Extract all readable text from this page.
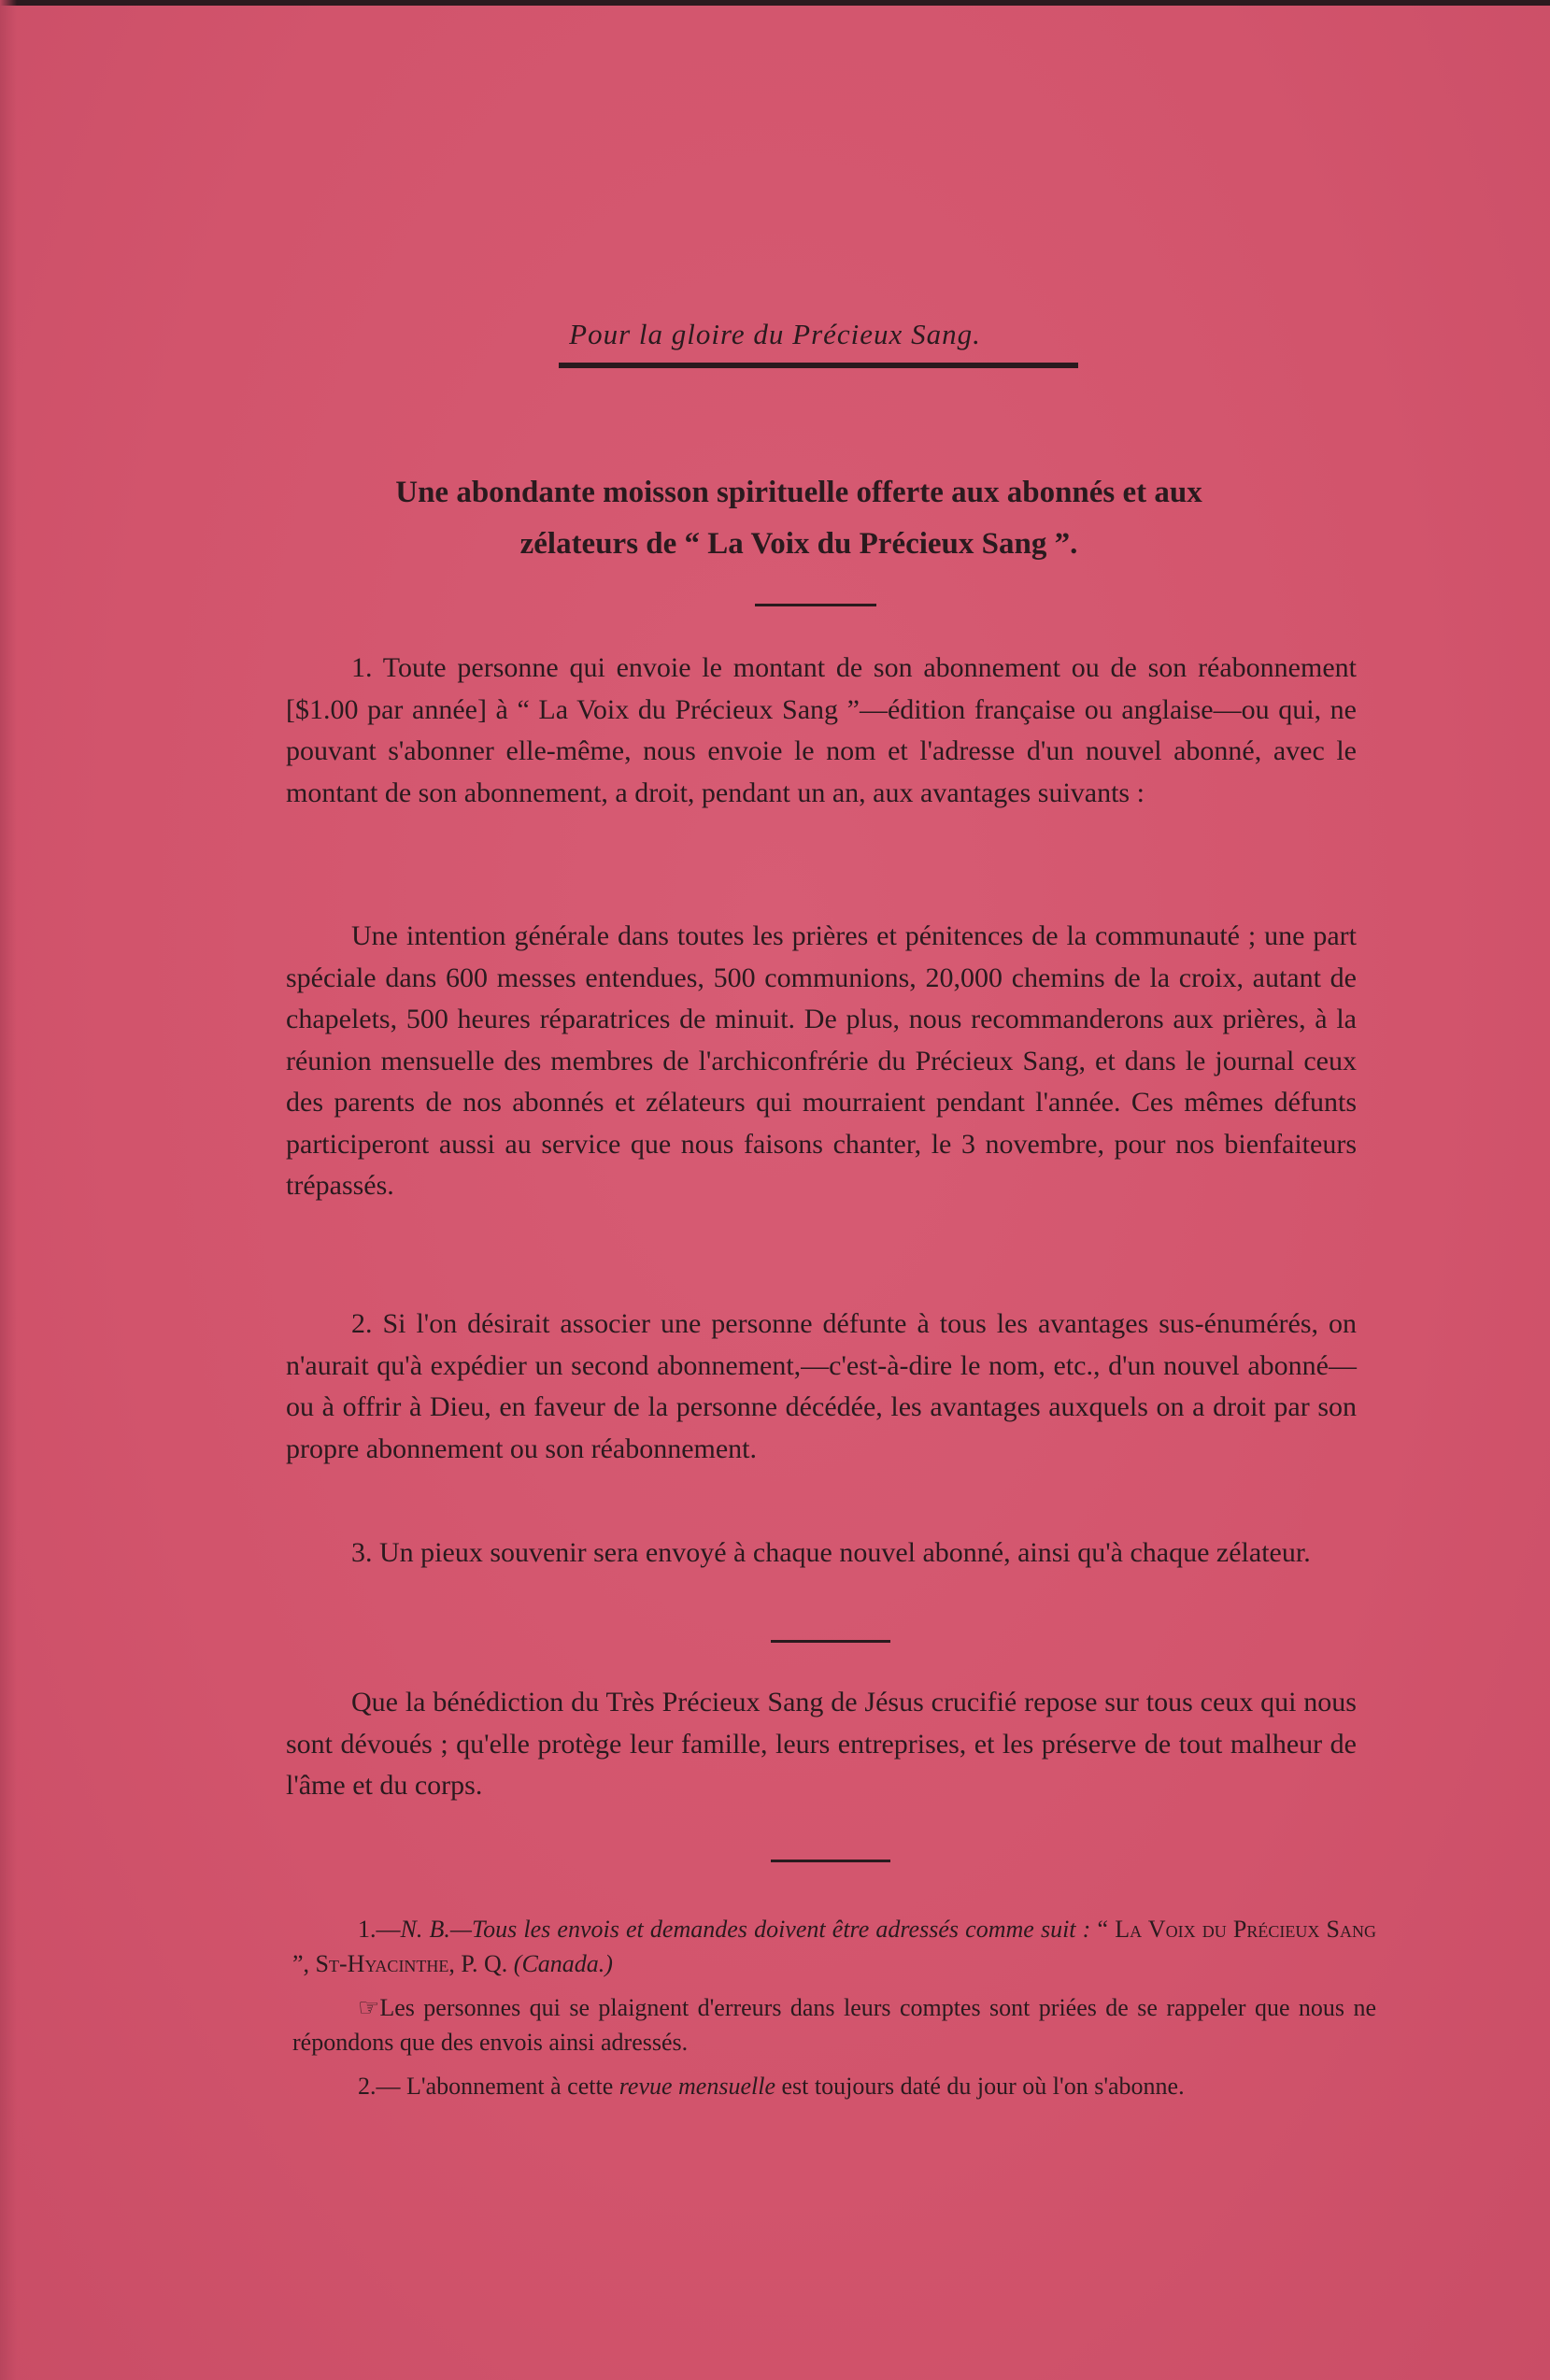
Pour la gloire du Précieux Sang.
Une abondante moisson spirituelle offerte aux abonnés et aux
zélateurs de “ La Voix du Précieux Sang ”.
1. Toute personne qui envoie le montant de son abonnement ou de son réabonnement [$1.00 par année] à “ La Voix du Précieux Sang ”—édition française ou anglaise—ou qui, ne pouvant s'abonner elle-même, nous envoie le nom et l'adresse d'un nouvel abonné, avec le montant de son abonnement, a droit, pendant un an, aux avantages suivants :
Une intention générale dans toutes les prières et pénitences de la communauté ; une part spéciale dans 600 messes entendues, 500 communions, 20,000 chemins de la croix, autant de chapelets, 500 heures réparatrices de minuit. De plus, nous recommanderons aux prières, à la réunion mensuelle des membres de l'archiconfrérie du Précieux Sang, et dans le journal ceux des parents de nos abonnés et zélateurs qui mourraient pendant l'année. Ces mêmes défunts participeront aussi au service que nous faisons chanter, le 3 novembre, pour nos bienfaiteurs trépassés.
2. Si l'on désirait associer une personne défunte à tous les avantages sus-énumérés, on n'aurait qu'à expédier un second abonnement,—c'est-à-dire le nom, etc., d'un nouvel abonné—ou à offrir à Dieu, en faveur de la personne décédée, les avantages auxquels on a droit par son propre abonnement ou son réabonnement.
3. Un pieux souvenir sera envoyé à chaque nouvel abonné, ainsi qu'à chaque zélateur.
Que la bénédiction du Très Précieux Sang de Jésus crucifié repose sur tous ceux qui nous sont dévoués ; qu'elle protège leur famille, leurs entreprises, et les préserve de tout malheur de l'âme et du corps.

1.—N. B.—Tous les envois et demandes doivent être adressés comme suit : “ La Voix du Précieux Sang ”, St-Hyacinthe, P. Q. (Canada.)

☞Les personnes qui se plaignent d'erreurs dans leurs comptes sont priées de se rappeler que nous ne répondons que des envois ainsi adressés.

2.— L'abonnement à cette revue mensuelle est toujours daté du jour où l'on s'abonne.
